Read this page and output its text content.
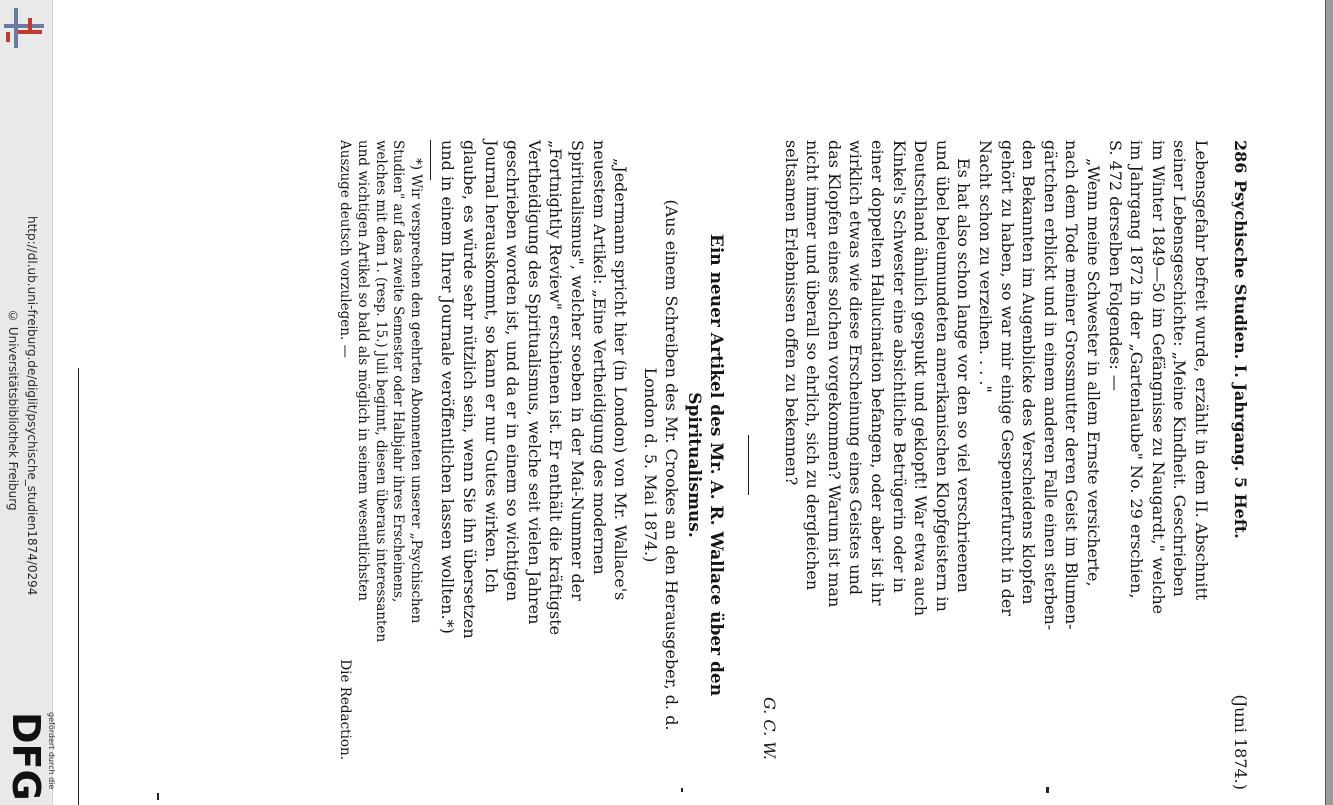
http://dl.ub.uni-freiburg.de/diglit/psychische_studien1874/0294
© Universitätsbibliothek Freiburg
DFG gefördert durch die
286
Psychische Studien. I. Jahrgang. 5 Heft.
(Juni 1874.)
Lebensgefahr befreit wurde, erzählt in dem II. Abschnitt
seiner Lebensgeschichte: „Meine Kindheit. Geschrieben
im Winter 1849—50 im Gefängnisse zu Naugardt," welche
im Jahrgang 1872 in der „Gartenlaube" No. 29 erschien,
S. 472 derselben Folgendes: —
„Wenn meine Schwester in allem Ernste versicherte,
nach dem Tode meiner Grossmutter deren Geist im Blumen-
gärtchen erblickt und in einem anderen Falle einen sterben-
den Bekannten im Augenblicke des Verscheidens klopfen
gehört zu haben, so war mir einige Gespenterfurcht in der
Nacht schon zu verzeihen. . . ."
Es hat also schon lange vor den so viel verschrieenen
und übel beleumundeten amerikanischen Klopfgeistern in
Deutschland ähnlich gespukt und geklopft! War etwa auch
Kinkel's Schwester eine absichtliche Betrügerin oder in
einer doppelten Hallucination befangen, oder aber ist ihr
wirklich etwas wie diese Erscheinung eines Geistes und
das Klopfen eines solchen vorgekommen? Warum ist man
nicht immer und überall so ehrlich, sich zu dergleichen
seltsamen Erlebnissen offen zu bekennen?
G. C. W.
Ein neuer Artikel des Mr. A. R. Wallace über den
Spiritualismus.
(Aus einem Schreiben des Mr. Crookes an den Herausgeber, d. d.
London d. 5. Mai 1874.)
„Jedermann spricht hier (in London) von Mr. Wallace's
neuestem Artikel: „Eine Vertheidigung des modernen
Spiritualismus", welcher soeben in der Mai-Nummer der
„Fortnightly Review" erschienen ist. Er enthält die kräftigste
Vertheidigung des Spiritualismus, welche seit vielen Jahren
geschrieben worden ist, und da er in einem so wichtigen
Journal herauskommt, so kann er nur Gutes wirken. Ich
glaube, es würde sehr nützlich sein, wenn Sie ihn übersetzen
und in einem Ihrer Journale veröffentlichen lassen wollten.*)
*) Wir versprechen den geehrten Abonnenten unserer „Psychischen
Studien" auf das zweite Semester oder Halbjahr ihres Erscheinens,
welches mit dem 1. (resp. 15.) Juli beginnt, diesen überaus interessanten
und wichtigen Artikel so bald als möglich in seinem wesentlichsten
Auszuge deutsch vorzulegen. —
Die Redaction.
